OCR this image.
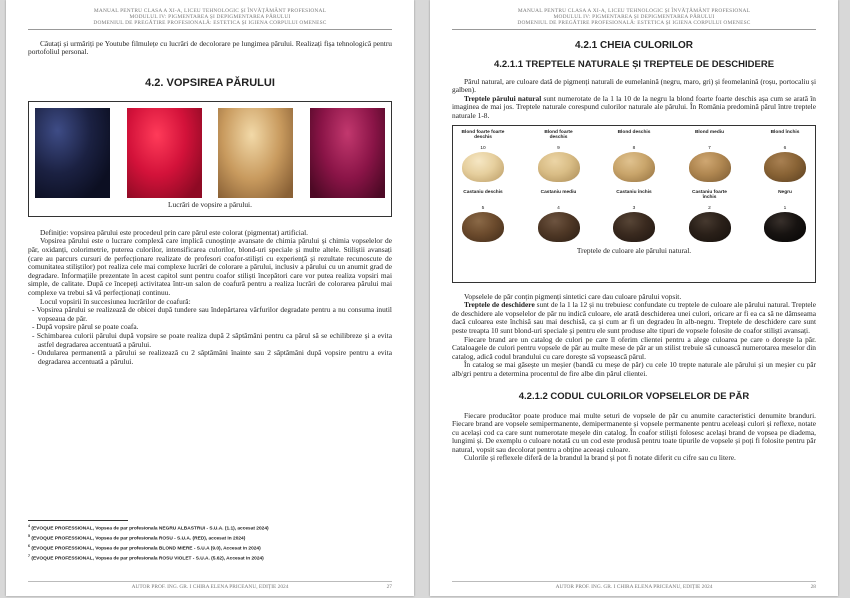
MANUAL PENTRU CLASA A XI-A, LICEU TEHNOLOGIC ȘI ÎNVĂȚĂMÂNT PROFESIONAL
MODULUL IV: PIGMENTAREA ȘI DEPIGMENTAREA PĂRULUI
DOMENIUL DE PREGĂTIRE PROFESIONALĂ: ESTETICA ȘI IGIENA CORPULUI OMENESC

Căutați și urmăriți pe Youtube filmulețe cu lucrări de decolorare pe lungimea părului. Realizați fișa tehnologică pentru portofoliul personal.

4.2. VOPSIREA PĂRULUI
Lucrări de vopsire a părului.

Definiție: vopsirea părului este procedeul prin care părul este colorat (pigmentat) artificial.

Vopsirea părului este o lucrare complexă care implică cunoștințe avansate de chimia părului și chimia vopselelor de păr, oxidanți, colorimetrie, puterea culorilor, intensificarea culorilor, blond-uri speciale și multe altele. Stiliștii avansați (care au parcurs cursuri de perfecționare realizate de profesori coafor-stiliști cu experiență și rezultate recunoscute de comunitatea stiliștilor) pot realiza cele mai complexe lucrări de colorare a părului, inclusiv a părului cu un anumit grad de degradare. Informațiile prezentate în acest capitol sunt pentru coafor stiliști începători care vor putea realiza vopsiri mai simple, de calitate. După ce începeți activitatea într-un salon de coafură pentru a realiza lucrări de colorarea părului mai complexe va trebui să vă perfecționați continuu.

Locul vopsirii în succesiunea lucrărilor de coafură:

- Vopsirea părului se realizează de obicei după tundere sau îndepărtarea vârfurilor degradate pentru a nu consuma inutil vopseaua de păr.

- După vopsire părul se poate coafa.

- Schimbarea culorii părului după vopsire se poate realiza după 2 săptămâni pentru ca părul să se echilibreze și a evita astfel degradarea accentuată a părului.

- Ondularea permanentă a părului se realizează cu 2 săptămâni înainte sau 2 săptămâni după vopsire pentru a evita degradarea accentuată a părului.

$^4$ (EVOQUE PROFESSIONAL, Vopsea de par profesionala NEGRU ALBASTRUI - S.U.A. (1.1), accesat 2024)
$^5$ (EVOQUE PROFESSIONAL, Vopsea de par profesionala ROSU - S.U.A. (RED), accesat in 2024)
$^6$ (EVOQUE PROFESSIONAL, Vopsea de par profesionala BLOND MIERE - S.U.A (9.0), Accesat in 2024)
$^7$ (EVOQUE PROFESSIONAL, Vopsea de par profesionala ROSU VIOLET - S.U.A. (5.62), Accesat in 2024)
AUTOR PROF. ING. GR. I CHIRA ELENA PRICEANU, EDIȚIE 2024	27
MANUAL PENTRU CLASA A XI-A, LICEU TEHNOLOGIC ȘI ÎNVĂȚĂMÂNT PROFESIONAL
MODULUL IV: PIGMENTAREA ȘI DEPIGMENTAREA PĂRULUI
DOMENIUL DE PREGĂTIRE PROFESIONALĂ: ESTETICA ȘI IGIENA CORPULUI OMENESC
4.2.1 CHEIA CULORILOR
4.2.1.1 TREPTELE NATURALE ȘI TREPTELE DE DESCHIDERE

Părul natural, are culoare dată de pigmenți naturali de eumelanină (negru, maro, gri) și feomelanină (roșu, portocaliu și galben).

Treptele părului natural sunt numerotate de la 1 la 10 de la negru la blond foarte foarte deschis așa cum se arată în imaginea de mai jos. Treptele naturale corespund culorilor naturale ale părului. În România predomină părul între treptele naturale 1-8.

Blond foarte foarte deschis
10
Blond foarte deschis
9
Blond deschis
8
Blond mediu
7
Blond închis
6
Castaniu deschis
5
Castaniu mediu
4
Castaniu închis
3
Castaniu foarte închis
2
Negru
1
Treptele de culoare ale părului natural.

Vopselele de păr conțin pigmenți sintetici care dau culoare părului vopsit.

Treptele de deschidere sunt de la 1 la 12 și nu trebuiesc confundate cu treptele de culoare ale părului natural. Treptele de deschidere ale vopselelor de păr nu indică culoare, ele arată deschiderea unei culori, oricare ar fi ea ca să ne dămseama dacă culoarea este închisă sau mai deschisă, ca și cum ar fi un degradeu în alb-negru. Treptele de deschidere care sunt peste treapta 10 sunt blond-uri speciale și pentru ele sunt produse alte tipuri de vopsele folosite de coafor stiliști avansați.

Fiecare brand are un catalog de culori pe care îl oferim clientei pentru a alege culoarea pe care o dorește la păr. Cataloagele de culori pentru vopsele de păr au multe mese de păr ar un stilist trebuie să cunoască numerotarea meselor din catalog, adică codul brandului cu care dorește să vopsească părul.

În catalog se mai găsește un meșier (bandă cu meșe de păr) cu cele 10 trepte naturale ale părului și un meșier cu păr alb/gri pentru a determina procentul de fire albe din părul clientei.

4.2.1.2 CODUL CULORILOR VOPSELELOR DE PĂR

Fiecare producător poate produce mai multe seturi de vopsele de păr cu anumite caracteristici denumite branduri. Fiecare brand are vopsele semipermanente, demipermanente și vopsele permanente pentru aceleași culori și reflexe, notate cu același cod ca care sunt numerotate meșele din catalog. În coafor stiliști folosesc același brand de vopsea pe diadema, lungimi și. De exemplu o culoare notată cu un cod este produsă pentru toate tipurile de vopsele și poți fi folosite pentru păr natural, vopsit sau decolorat pentru a obține aceeași culoare.

Culorile și reflexele diferă de la brandul la brand și pot fi notate diferit cu cifre sau cu litere.

AUTOR PROF. ING. GR. I CHIRA ELENA PRICEANU, EDIȚIE 2024	28
